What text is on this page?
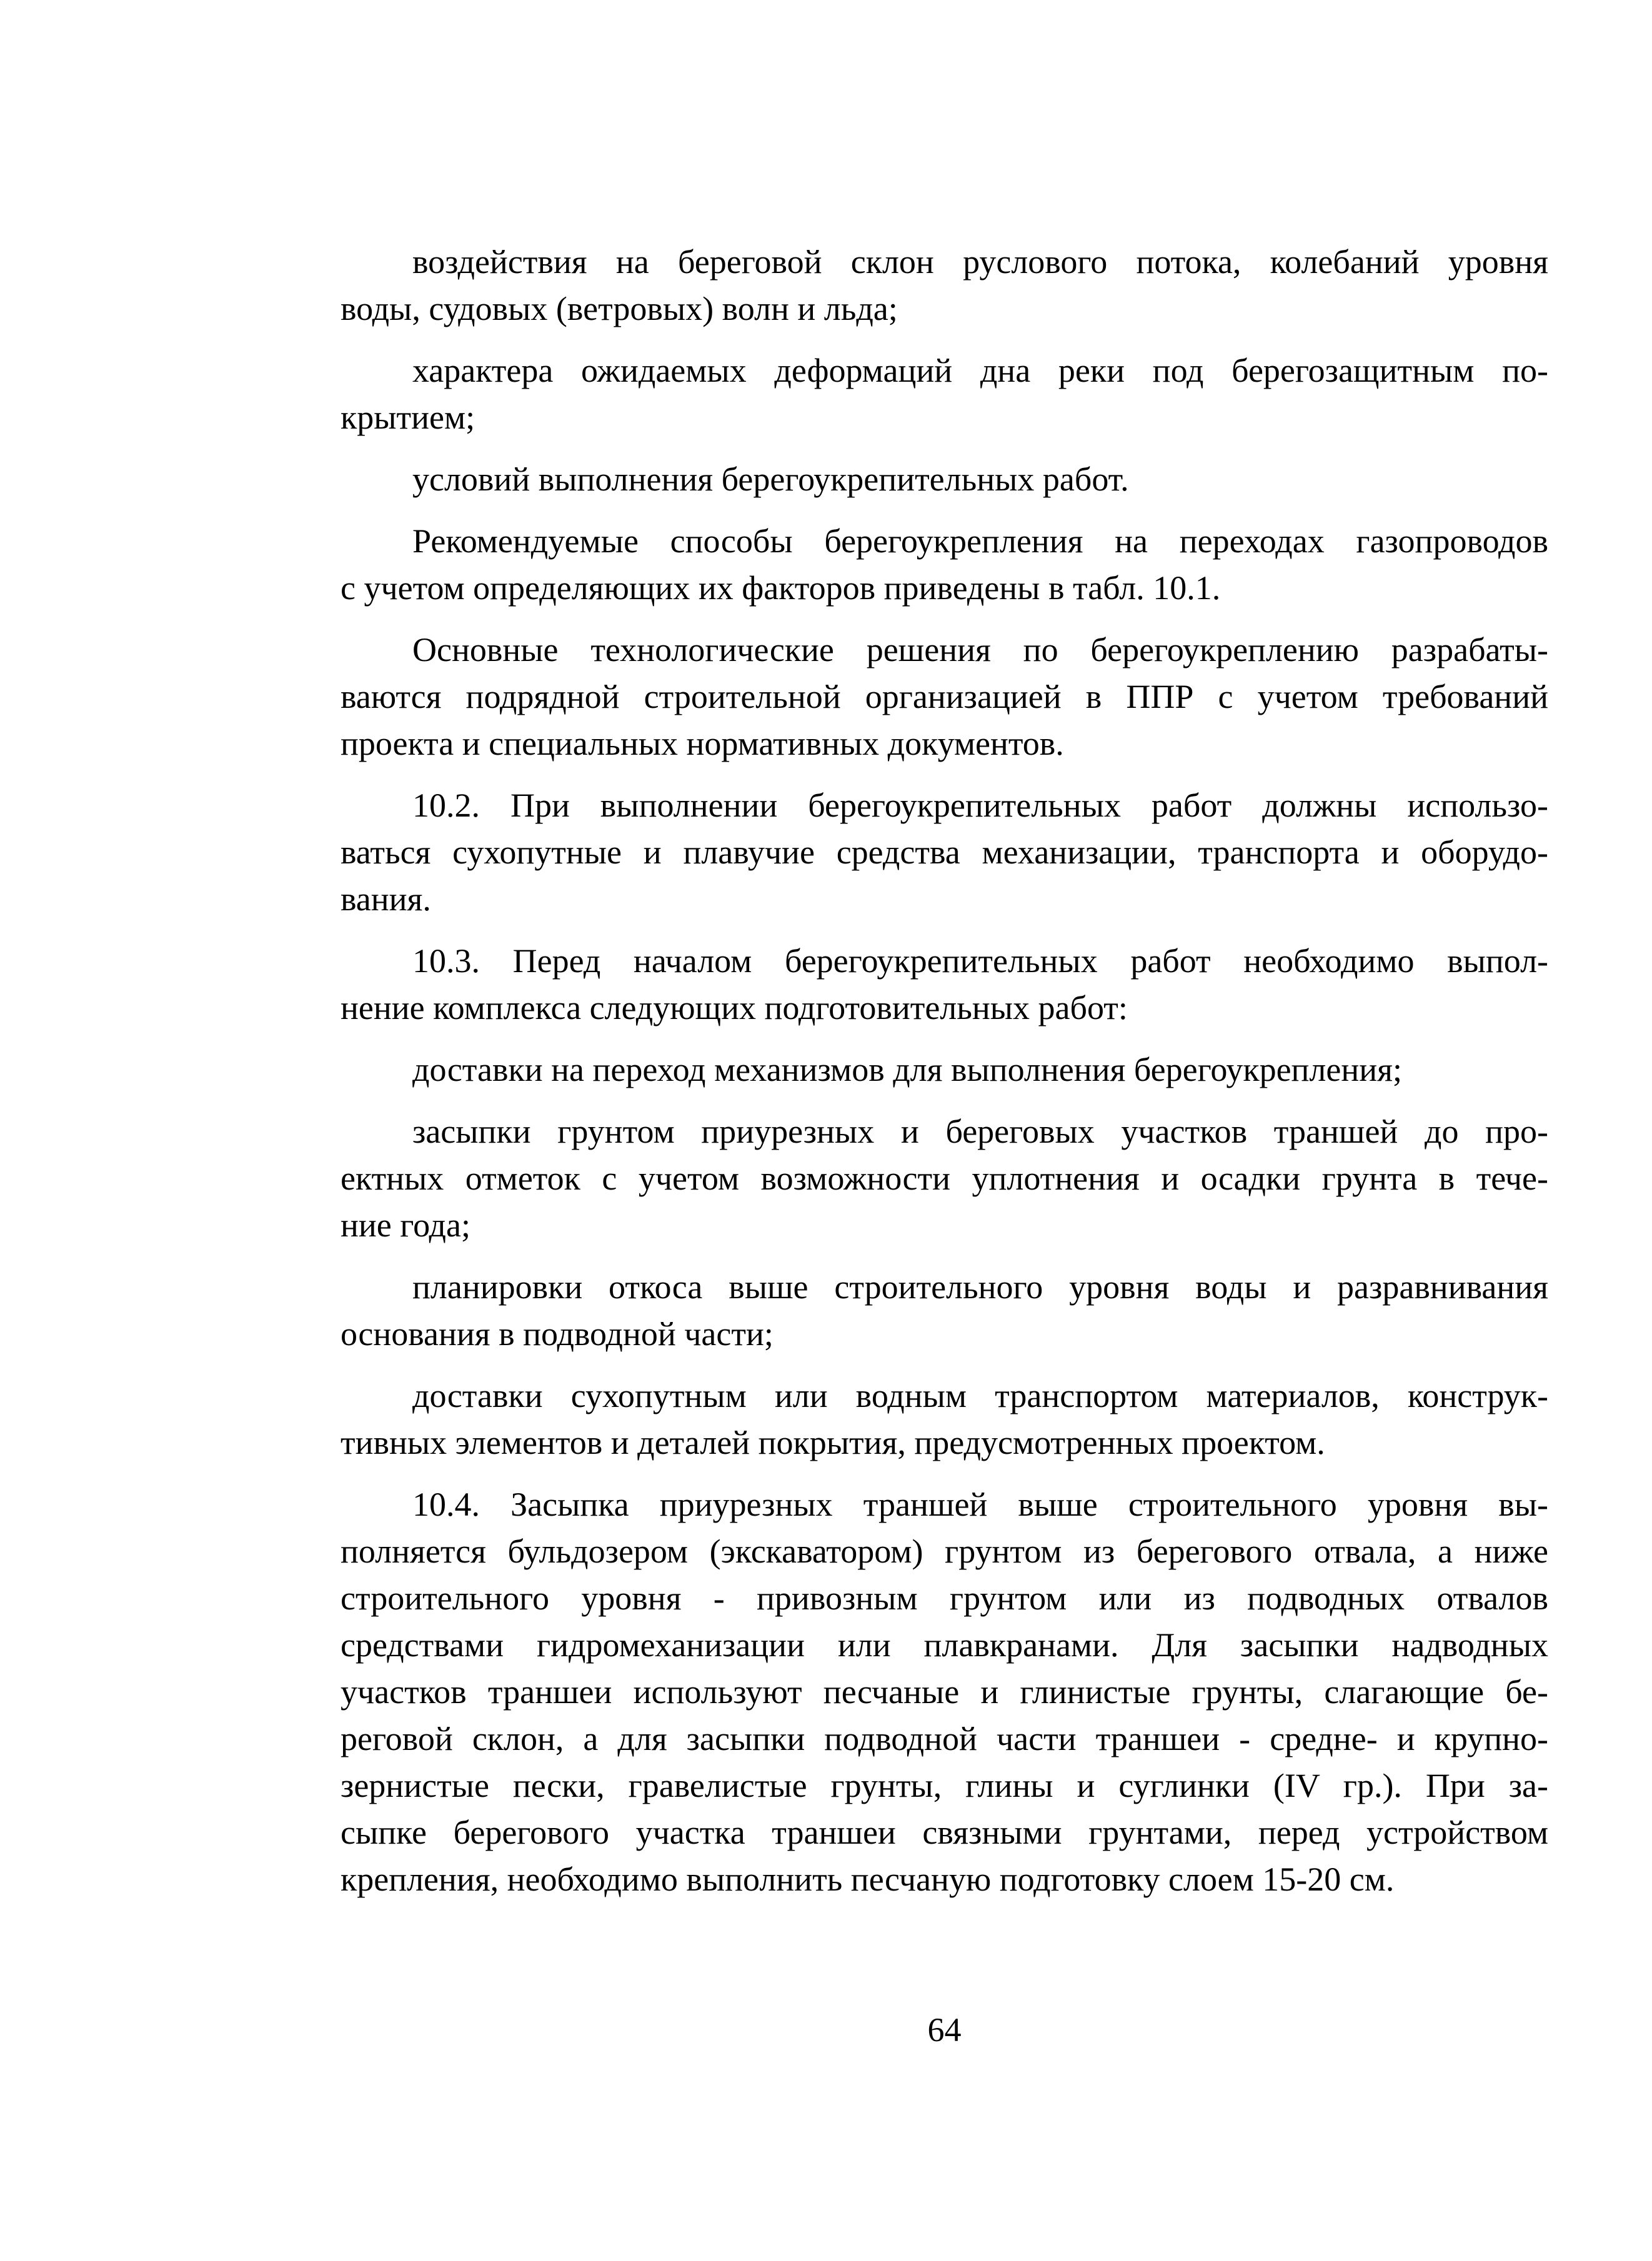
воздействия на береговой склон руслового потока, колебаний уровня
воды, судовых (ветровых) волн и льда;
характера ожидаемых деформаций дна реки под берегозащитным по-
крытием;
условий выполнения берегоукрепительных работ.
Рекомендуемые способы берегоукрепления на переходах газопроводов
с учетом определяющих их факторов приведены в табл. 10.1.
Основные технологические решения по берегоукреплению разрабаты-
ваются подрядной строительной организацией в ППР с учетом требований
проекта и специальных нормативных документов.
10.2. При выполнении берегоукрепительных работ должны использо-
ваться сухопутные и плавучие средства механизации, транспорта и оборудо-
вания.
10.3. Перед началом берегоукрепительных работ необходимо выпол-
нение комплекса следующих подготовительных работ:
доставки на переход механизмов для выполнения берегоукрепления;
засыпки грунтом приурезных и береговых участков траншей до про-
ектных отметок с учетом возможности уплотнения и осадки грунта в тече-
ние года;
планировки откоса выше строительного уровня воды и разравнивания
основания в подводной части;
доставки сухопутным или водным транспортом материалов, конструк-
тивных элементов и деталей покрытия, предусмотренных проектом.
10.4. Засыпка приурезных траншей выше строительного уровня вы-
полняется бульдозером (экскаватором) грунтом из берегового отвала, а ниже
строительного уровня - привозным грунтом или из подводных отвалов
средствами гидромеханизации или плавкранами. Для засыпки надводных
участков траншеи используют песчаные и глинистые грунты, слагающие бе-
реговой склон, а для засыпки подводной части траншеи - средне- и крупно-
зернистые пески, гравелистые грунты, глины и суглинки (IV гр.). При за-
сыпке берегового участка траншеи связными грунтами, перед устройством
крепления, необходимо выполнить песчаную подготовку слоем 15-20 см.
64
